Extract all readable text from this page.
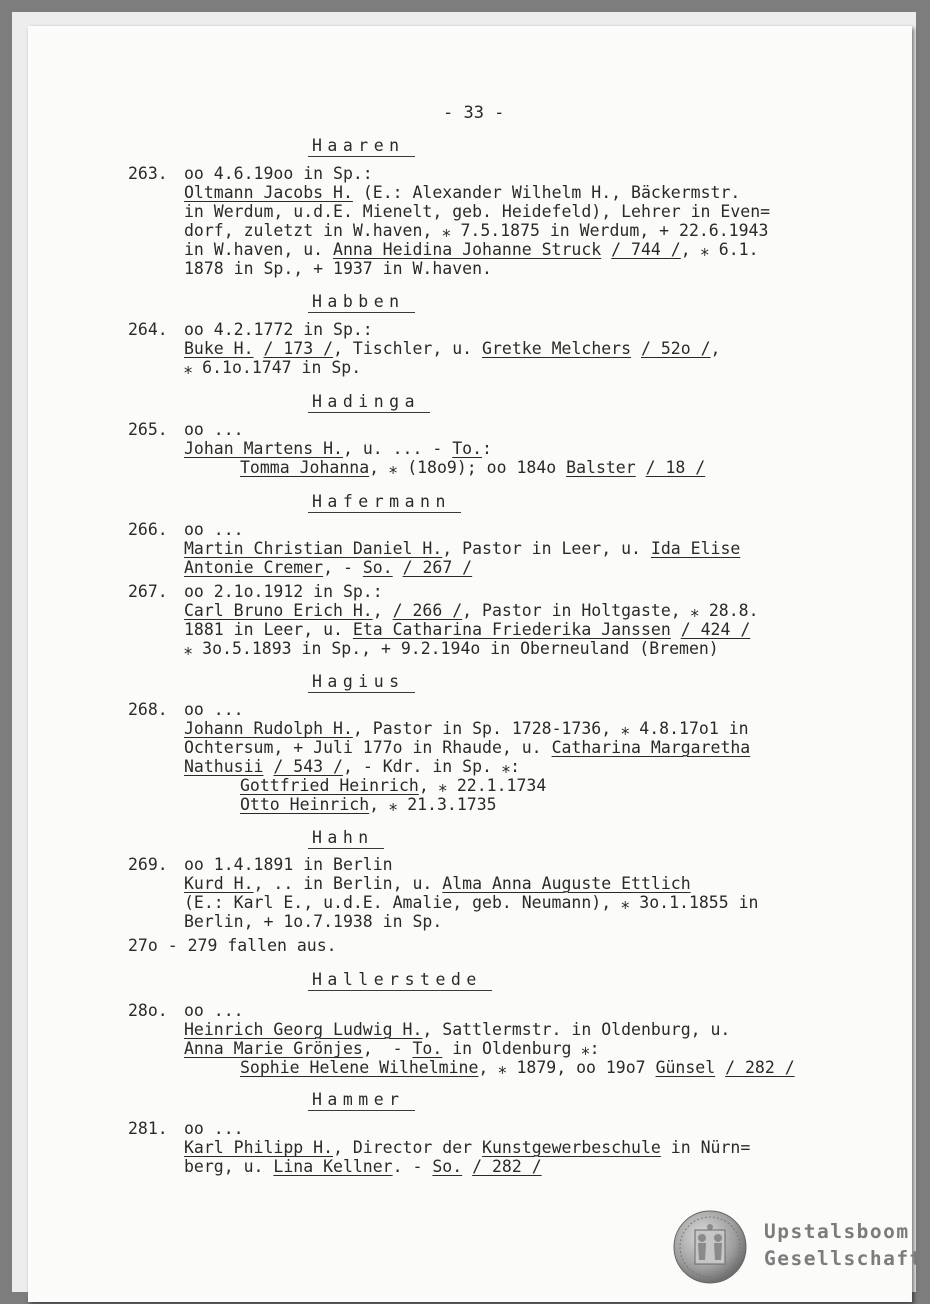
- 33 -
Haaren
263. oo 4.6.19oo in Sp.:
Oltmann Jacobs H. (E.: Alexander Wilhelm H., Bäckermstr.
in Werdum, u.d.E. Mienelt, geb. Heidefeld), Lehrer in Even=
dorf, zuletzt in W.haven, ⁎ 7.5.1875 in Werdum, + 22.6.1943
in W.haven, u. Anna Heidina Johanne Struck / 744 /, ⁎ 6.1.
1878 in Sp., + 1937 in W.haven.
Habben
264. oo 4.2.1772 in Sp.:
Buke H. / 173 /, Tischler, u. Gretke Melchers / 52o /,
⁎ 6.1o.1747 in Sp.
Hadinga
265. oo ...
Johan Martens H., u. ... - To.:
Tomma Johanna, ⁎ (18o9); oo 184o Balster / 18 /
Hafermann
266. oo ...
Martin Christian Daniel H., Pastor in Leer, u. Ida Elise
Antonie Cremer, - So. / 267 /
267. oo 2.1o.1912 in Sp.:
Carl Bruno Erich H., / 266 /, Pastor in Holtgaste, ⁎ 28.8.
1881 in Leer, u. Eta Catharina Friederika Janssen / 424 /
⁎ 3o.5.1893 in Sp., + 9.2.194o in Oberneuland (Bremen)
Hagius
268. oo ...
Johann Rudolph H., Pastor in Sp. 1728-1736, ⁎ 4.8.17o1 in
Ochtersum, + Juli 177o in Rhaude, u. Catharina Margaretha
Nathusii / 543 /, - Kdr. in Sp. ⁎:
Gottfried Heinrich, ⁎ 22.1.1734
Otto Heinrich, ⁎ 21.3.1735
Hahn
269. oo 1.4.1891 in Berlin
Kurd H., .. in Berlin, u. Alma Anna Auguste Ettlich
(E.: Karl E., u.d.E. Amalie, geb. Neumann), ⁎ 3o.1.1855 in
Berlin, + 1o.7.1938 in Sp.
27o - 279 fallen aus.
Hallerstede
28o. oo ...
Heinrich Georg Ludwig H., Sattlermstr. in Oldenburg, u.
Anna Marie Grönjes,  - To. in Oldenburg ⁎:
Sophie Helene Wilhelmine, ⁎ 1879, oo 19o7 Günsel / 282 /
Hammer
281. oo ...
Karl Philipp H., Director der Kunstgewerbeschule in Nürn=
berg, u. Lina Kellner. - So. / 282 /
Upstalsboom
Gesellschaft
